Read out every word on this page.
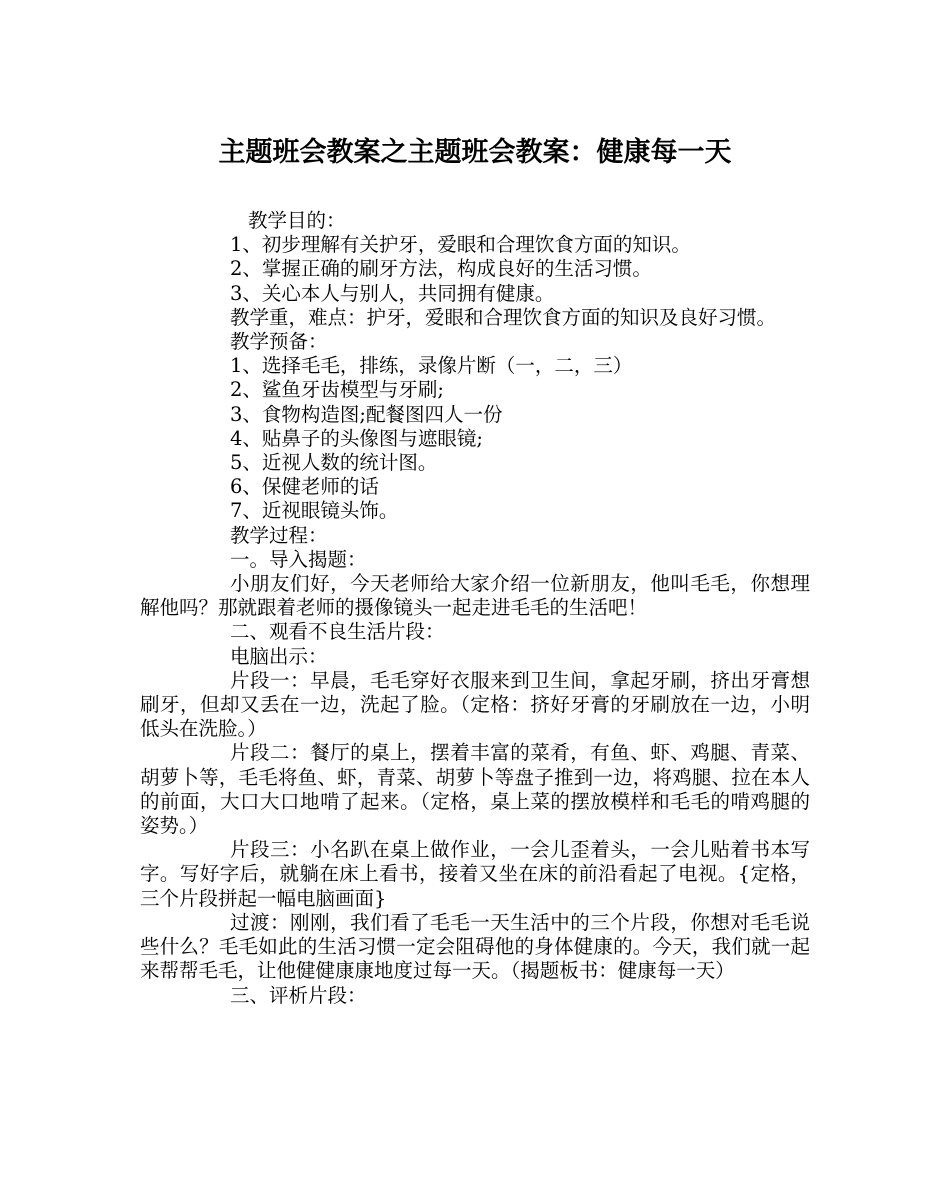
主题班会教案之主题班会教案：健康每一天

教学目的：

1、初步理解有关护牙，爱眼和合理饮食方面的知识。

2、掌握正确的刷牙方法，构成良好的生活习惯。

3、关心本人与别人，共同拥有健康。

教学重，难点：护牙，爱眼和合理饮食方面的知识及良好习惯。

教学预备：

1、选择毛毛，排练，录像片断（一，二，三）

2、鲨鱼牙齿模型与牙刷;

3、食物构造图;配餐图四人一份

4、贴鼻子的头像图与遮眼镜;

5、近视人数的统计图。

6、保健老师的话

7、近视眼镜头饰。

教学过程：

一。导入揭题：

小朋友们好，今天老师给大家介绍一位新朋友，他叫毛毛，你想理解他吗？那就跟着老师的摄像镜头一起走进毛毛的生活吧！

二、观看不良生活片段：

电脑出示：

片段一：早晨，毛毛穿好衣服来到卫生间，拿起牙刷，挤出牙膏想刷牙，但却又丢在一边，洗起了脸。（定格：挤好牙膏的牙刷放在一边，小明低头在洗脸。）

片段二：餐厅的桌上，摆着丰富的菜肴，有鱼、虾、鸡腿、青菜、胡萝卜等，毛毛将鱼、虾，青菜、胡萝卜等盘子推到一边，将鸡腿、拉在本人的前面，大口大口地啃了起来。（定格，桌上菜的摆放模样和毛毛的啃鸡腿的姿势。）

片段三：小名趴在桌上做作业，一会儿歪着头，一会儿贴着书本写字。写好字后，就躺在床上看书，接着又坐在床的前沿看起了电视。{定格，三个片段拼起一幅电脑画面}

过渡：刚刚，我们看了毛毛一天生活中的三个片段，你想对毛毛说些什么？毛毛如此的生活习惯一定会阻碍他的身体健康的。今天，我们就一起来帮帮毛毛，让他健健康康地度过每一天。（揭题板书：健康每一天）

三、评析片段：
